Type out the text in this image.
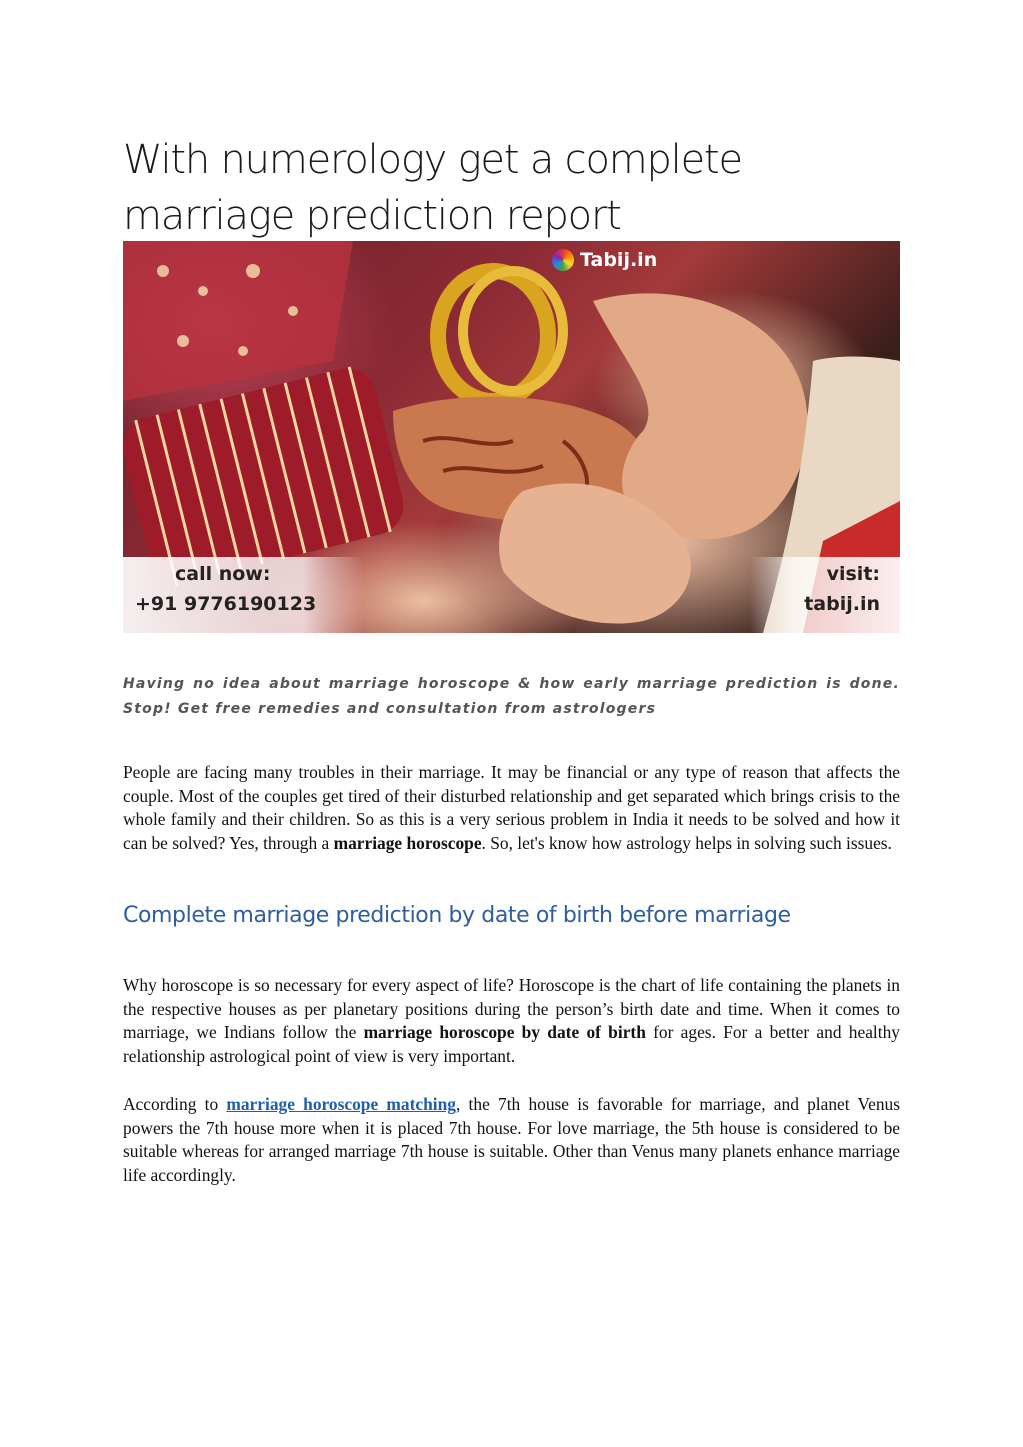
With numerology get a complete marriage prediction report
Tabij.in
call now:
+91 9776190123
visit:
tabij.in

Having no idea about marriage horoscope & how early marriage prediction is done. Stop! Get free remedies and consultation from astrologers

People are facing many troubles in their marriage. It may be financial or any type of reason that affects the couple. Most of the couples get tired of their disturbed relationship and get separated which brings crisis to the whole family and their children. So as this is a very serious problem in India it needs to be solved and how it can be solved? Yes, through a marriage horoscope. So, let's know how astrology helps in solving such issues.

Complete marriage prediction by date of birth before marriage

Why horoscope is so necessary for every aspect of life? Horoscope is the chart of life containing the planets in the respective houses as per planetary positions during the person’s birth date and time. When it comes to marriage, we Indians follow the marriage horoscope by date of birth for ages. For a better and healthy relationship astrological point of view is very important.

According to marriage horoscope matching, the 7th house is favorable for marriage, and planet Venus powers the 7th house more when it is placed 7th house. For love marriage, the 5th house is considered to be suitable whereas for arranged marriage 7th house is suitable. Other than Venus many planets enhance marriage life accordingly.
